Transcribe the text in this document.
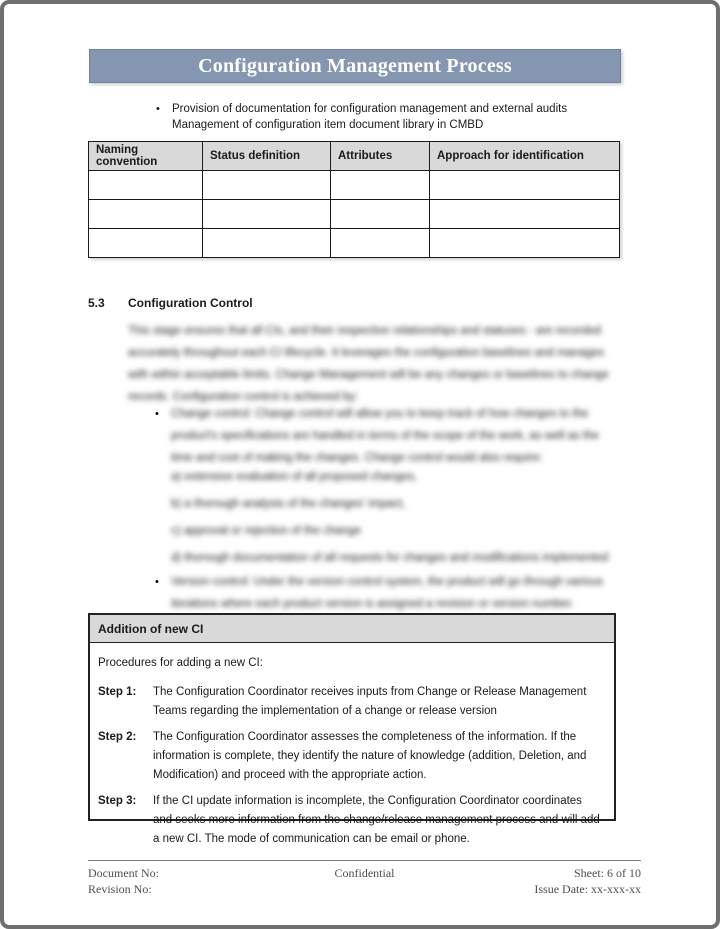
Configuration Management Process
•	Provision of documentation for configuration management and external audits
Management of configuration item document library in CMBD
Naming convention	Status definition	Attributes	Approach for identification

5.3 Configuration Control
This stage ensures that all CIs, and their respective relationships and statuses - are recorded
accurately throughout each CI lifecycle. It leverages the configuration baselines and manages
with within acceptable limits. Change Management will be any changes or baselines to change
records. Configuration control is achieved by:
•	Change control: Change control will allow you to keep track of how changes to the
product's specifications are handled in terms of the scope of the work, as well as the
time and cost of making the changes. Change control would also require:
a) extensive evaluation of all proposed changes,
b) a thorough analysis of the changes' impact,
c) approval or rejection of the change
d) thorough documentation of all requests for changes and modifications implemented
•	Version control: Under the version control system, the product will go through various
iterations where each product version is assigned a revision or version number.
Addition of new CI
Procedures for adding a new CI:
Step 1:	The Configuration Coordinator receives inputs from Change or Release Management Teams regarding the implementation of a change or release version
Step 2:	The Configuration Coordinator assesses the completeness of the information. If the information is complete, they identify the nature of knowledge (addition, Deletion, and Modification) and proceed with the appropriate action.
Step 3:	If the CI update information is incomplete, the Configuration Coordinator coordinates and seeks more information from the change/release management process and will add a new CI. The mode of communication can be email or phone.
Document No:	Confidential	Sheet: 6 of 10
Revision No:	Issue Date: xx-xxx-xx
